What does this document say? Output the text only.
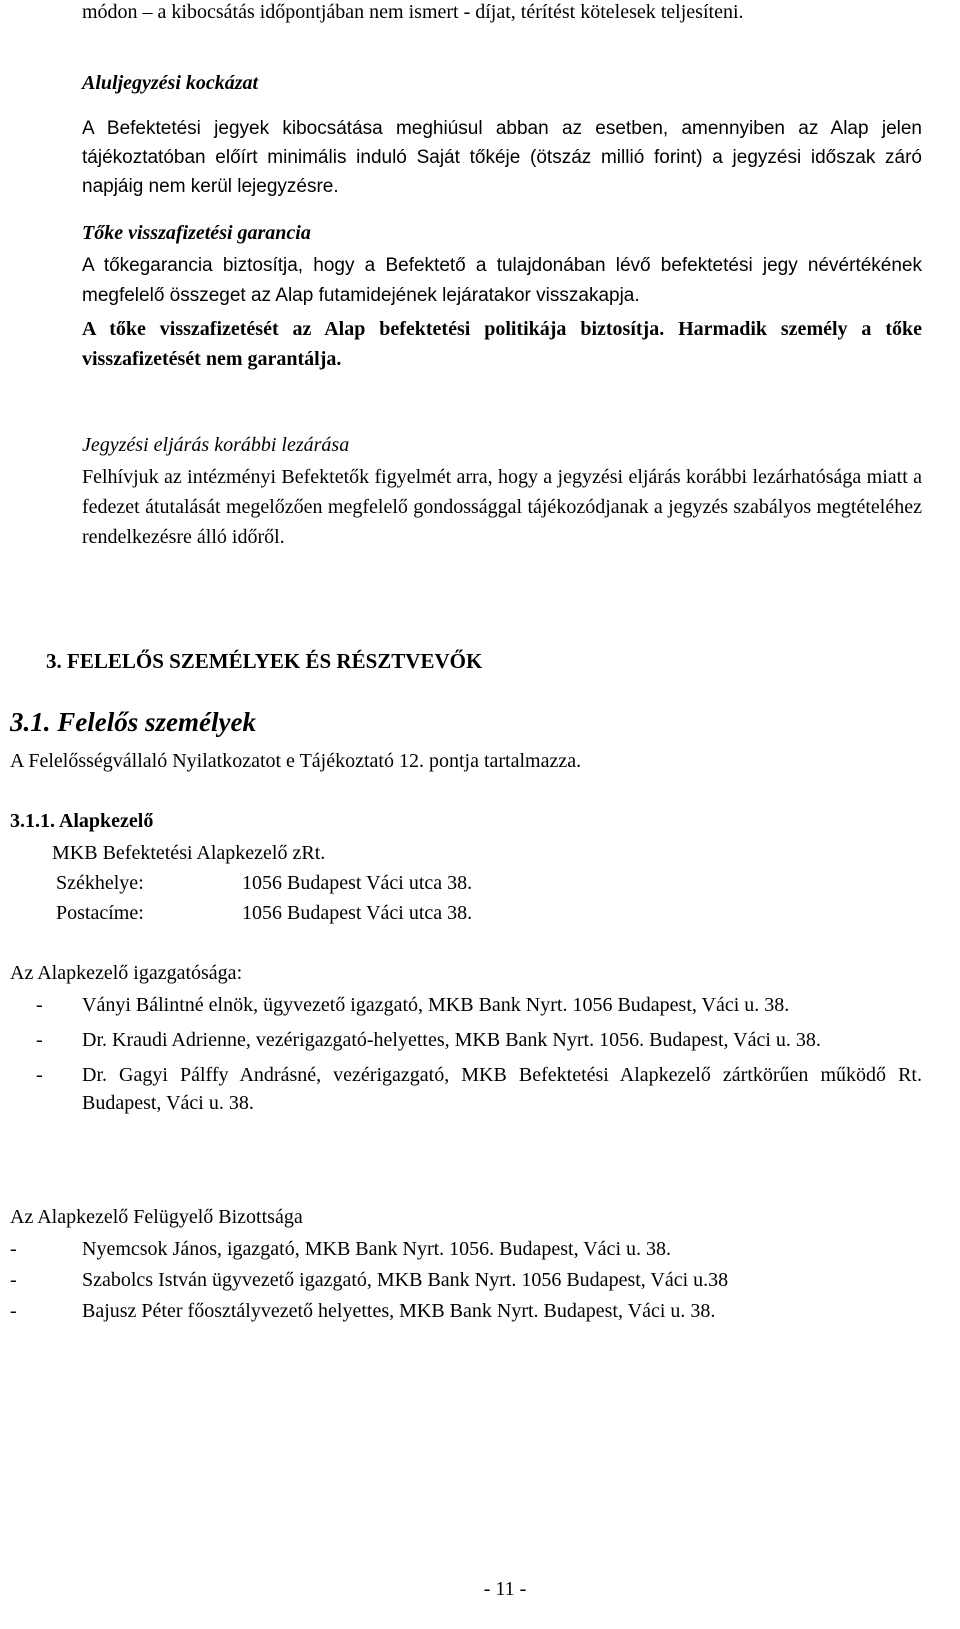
módon – a kibocsátás időpontjában nem ismert - díjat, térítést kötelesek teljesíteni.

Aluljegyzési kockázat

A Befektetési jegyek kibocsátása meghiúsul abban az esetben, amennyiben az Alap jelen tájékoztatóban előírt minimális induló Saját tőkéje (ötszáz millió forint) a jegyzési időszak záró napjáig nem kerül lejegyzésre.

Tőke visszafizetési garancia

A tőkegarancia biztosítja, hogy a Befektető a tulajdonában lévő befektetési jegy névértékének megfelelő összeget az Alap futamidejének lejáratakor visszakapja.

A tőke visszafizetését az Alap befektetési politikája biztosítja. Harmadik személy a tőke visszafizetését nem garantálja.

Jegyzési eljárás korábbi lezárása

Felhívjuk az intézményi Befektetők figyelmét arra, hogy a jegyzési eljárás korábbi lezárhatósága miatt a fedezet átutalását megelőzően megfelelő gondossággal tájékozódjanak a jegyzés szabályos megtételéhez rendelkezésre álló időről.

3. FELELŐS SZEMÉLYEK ÉS RÉSZTVEVŐK
3.1. Felelős személyek

A Felelősségvállaló Nyilatkozatot e Tájékoztató 12. pontja tartalmazza.

3.1.1. Alapkezelő
MKB Befektetési Alapkezelő zRt.
Székhelye:	1056 Budapest Váci utca 38.
Postacíme:	1056 Budapest Váci utca 38.
Az Alapkezelő igazgatósága:
-	Ványi Bálintné elnök, ügyvezető igazgató, MKB Bank Nyrt. 1056 Budapest, Váci u. 38.
-	Dr. Kraudi Adrienne, vezérigazgató-helyettes, MKB Bank Nyrt. 1056. Budapest, Váci u. 38.
-	Dr. Gagyi Pálffy Andrásné, vezérigazgató, MKB Befektetési Alapkezelő zártkörűen működő Rt. Budapest, Váci u. 38.
Az Alapkezelő Felügyelő Bizottsága
-	Nyemcsok János, igazgató, MKB Bank Nyrt. 1056. Budapest, Váci u. 38.
-	Szabolcs István ügyvezető igazgató, MKB Bank Nyrt. 1056 Budapest, Váci u.38
-	Bajusz Péter főosztályvezető helyettes, MKB Bank Nyrt. Budapest, Váci u. 38.
- 11 -
